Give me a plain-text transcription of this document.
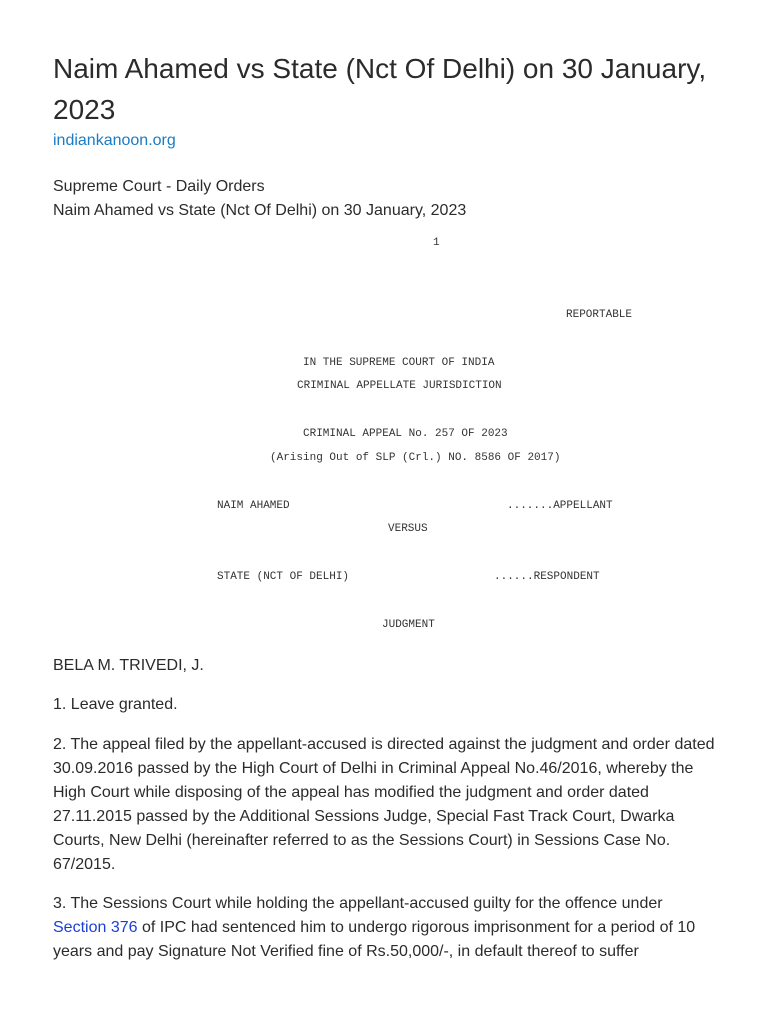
Naim Ahamed vs State (Nct Of Delhi) on 30 January, 2023
indiankanoon.org
Supreme Court - Daily Orders
Naim Ahamed vs State (Nct Of Delhi) on 30 January, 2023
1
REPORTABLE
IN THE SUPREME COURT OF INDIA
CRIMINAL APPELLATE JURISDICTION
CRIMINAL APPEAL No. 257 OF 2023
(Arising Out of SLP (Crl.) NO. 8586 OF 2017)
NAIM AHAMED	.......APPELLANT
VERSUS
STATE (NCT OF DELHI)	......RESPONDENT
JUDGMENT

BELA M. TRIVEDI, J.

1. Leave granted.

2. The appeal filed by the appellant-accused is directed against the judgment and order dated 30.09.2016 passed by the High Court of Delhi in Criminal Appeal No.46/2016, whereby the High Court while disposing of the appeal has modified the judgment and order dated 27.11.2015 passed by the Additional Sessions Judge, Special Fast Track Court, Dwarka Courts, New Delhi (hereinafter referred to as the Sessions Court) in Sessions Case No. 67/2015.

3. The Sessions Court while holding the appellant-accused guilty for the offence under Section 376 of IPC had sentenced him to undergo rigorous imprisonment for a period of 10 years and pay Signature Not Verified fine of Rs.50,000/-, in default thereof to suffer
